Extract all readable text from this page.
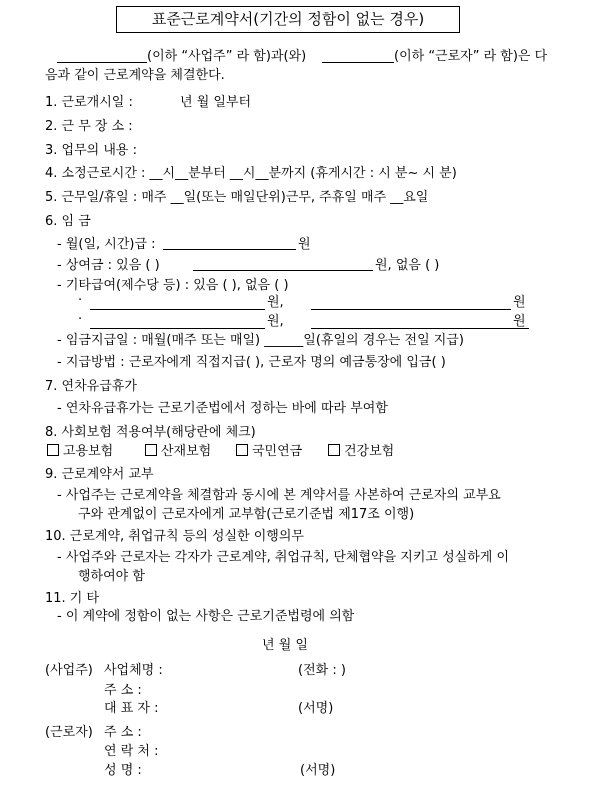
표준근로계약서(기간의 정함이 없는 경우)
(이하 “사업주” 라 함)과(와)	(이하 “근로자” 라 함)은 다
음과 같이 근로계약을 체결한다.
1. 근로개시일 :	년 월 일부터
2. 근 무 장 소 :
3. 업무의 내용 :
4. 소정근로시간 : __시__분부터 __시__분까지 (휴게시간 : 시 분~ 시 분)
5. 근무일/휴일 : 매주 __일(또는 매일단위)근무, 주휴일 매주 __요일
6. 임 금
- 월(일, 시간)급 :	원
- 상여금 : 있음 ( )	원, 없음 ( )
- 기타급여(제수당 등) : 있음 ( ), 없음 ( )
·	원,	원
·	원,	원
- 임금지급일 : 매월(매주 또는 매일) ______일(휴일의 경우는 전일 지급)
- 지급방법 : 근로자에게 직접지급( ), 근로자 명의 예금통장에 입금( )
7. 연차유급휴가
- 연차유급휴가는 근로기준법에서 정하는 바에 따라 부여함
8. 사회보험 적용여부(해당란에 체크)
고용보험	산재보험	국민연금	건강보험
9. 근로계약서 교부
- 사업주는 근로계약을 체결함과 동시에 본 계약서를 사본하여 근로자의 교부요
구와 관계없이 근로자에게 교부함(근로기준법 제17조 이행)
10. 근로계약, 취업규칙 등의 성실한 이행의무
- 사업주와 근로자는 각자가 근로계약, 취업규칙, 단체협약을 지키고 성실하게 이
행하여야 함
11. 기 타
- 이 계약에 정함이 없는 사항은 근로기준법령에 의함
년 월 일
(사업주) 사업체명 :	(전화 : )
주 소 :
대 표 자 :	(서명)
(근로자) 주 소 :
연 락 처 :
성 명 :	(서명)
